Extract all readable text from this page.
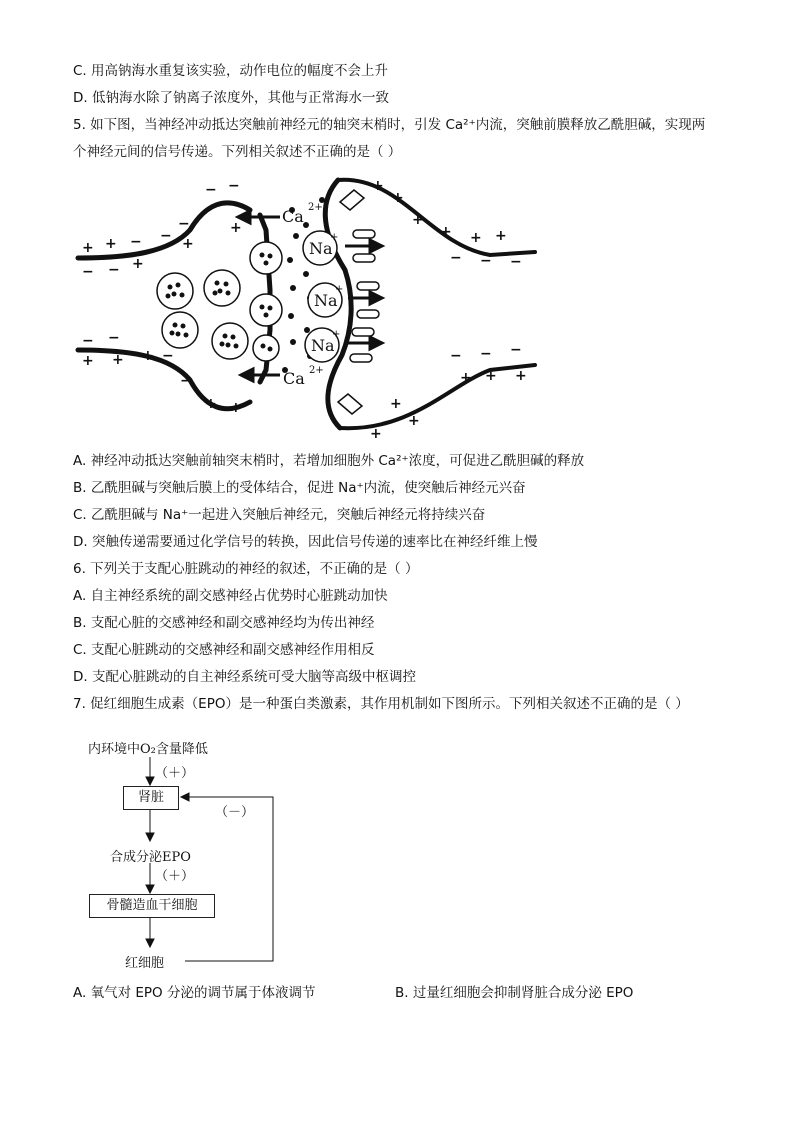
C. 用高钠海水重复该实验，动作电位的幅度不会上升
D. 低钠海水除了钠离子浓度外，其他与正常海水一致
5. 如下图，当神经冲动抵达突触前神经元的轴突末梢时，引发 Ca²⁺内流，突触前膜释放乙酰胆碱，实现两
个神经元间的信号传递。下列相关叙述不正确的是（ ）
Na
+
Na
+
Na
+
Ca 2+
Ca 2+
+ + − − +
−
− −
+
− − +
− −
+ + + −
−
+ +
+
+
+
+ + +
− − −
− − −
+ + +
+
+
+
A. 神经冲动抵达突触前轴突末梢时，若增加细胞外 Ca²⁺浓度，可促进乙酰胆碱的释放
B. 乙酰胆碱与突触后膜上的受体结合，促进 Na⁺内流，使突触后神经元兴奋
C. 乙酰胆碱与 Na⁺一起进入突触后神经元，突触后神经元将持续兴奋
D. 突触传递需要通过化学信号的转换，因此信号传递的速率比在神经纤维上慢
6. 下列关于支配心脏跳动的神经的叙述，不正确的是（ ）
A. 自主神经系统的副交感神经占优势时心脏跳动加快
B. 支配心脏的交感神经和副交感神经均为传出神经
C. 支配心脏跳动的交感神经和副交感神经作用相反
D. 支配心脏跳动的自主神经系统可受大脑等高级中枢调控
7. 促红细胞生成素（EPO）是一种蛋白类激素，其作用机制如下图所示。下列相关叙述不正确的是（ ）
内环境中O₂含量降低
（＋）
肾脏
（－）
合成分泌EPO
（＋）
骨髓造血干细胞
红细胞
A. 氧气对 EPO 分泌的调节属于体液调节	B. 过量红细胞会抑制肾脏合成分泌 EPO
